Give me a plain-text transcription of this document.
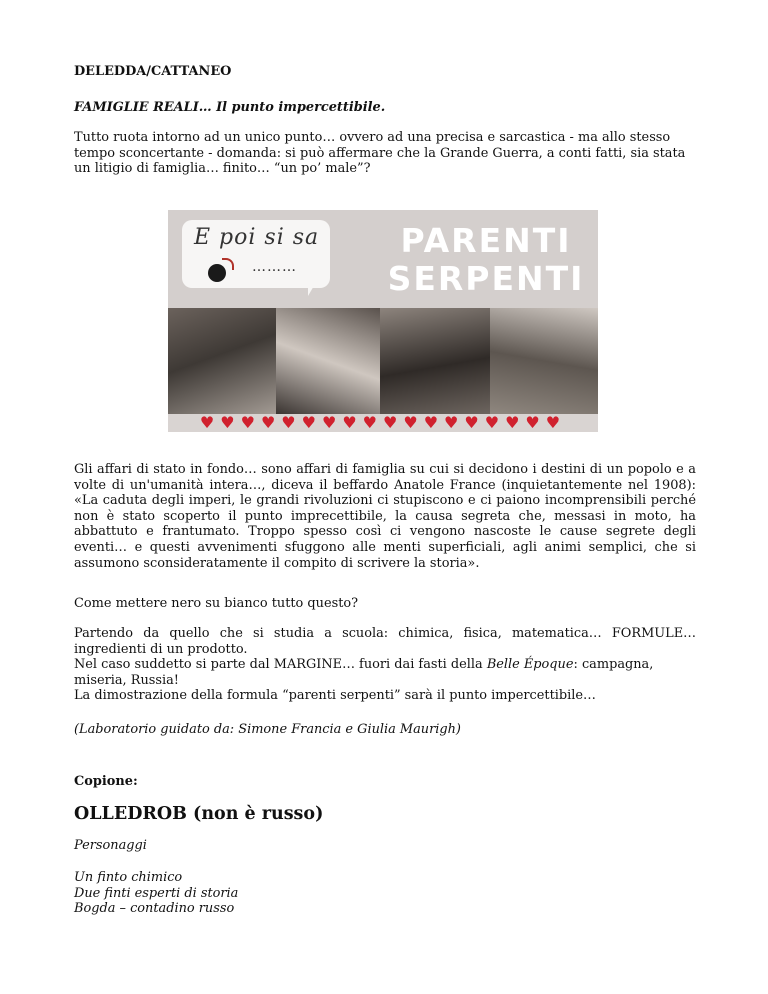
DELEDDA/CATTANEO

FAMIGLIE REALI… Il punto impercettibile.

Tutto ruota intorno ad un unico punto… ovvero ad una precisa e sarcastica - ma allo stesso tempo sconcertante - domanda: si può affermare che la Grande Guerra, a conti fatti, sia stata un litigio di famiglia… finito… “un po’ male”?

E poi si sa
………
PARENTI
SERPENTI
♥♥♥♥♥♥♥♥♥♥♥♥♥♥♥♥♥♥

Gli affari di stato in fondo… sono affari di famiglia su cui si decidono i destini di un popolo e a volte di un'umanità intera…, diceva il beffardo Anatole France (inquietantemente nel 1908): «La caduta degli imperi, le grandi rivoluzioni ci stupiscono e ci paiono incomprensibili perché non è stato scoperto il punto imprecettibile, la causa segreta che, messasi in moto, ha abbattuto e frantumato. Troppo spesso così ci vengono nascoste le cause segrete degli eventi… e questi avvenimenti sfuggono alle menti superficiali, agli animi semplici, che si assumono sconsideratamente il compito di scrivere la storia».

Come mettere nero su bianco tutto questo?

Partendo da quello che si studia a scuola: chimica, fisica, matematica… FORMULE… ingredienti di un prodotto.
Nel caso suddetto si parte dal MARGINE… fuori dai fasti della Belle Époque: campagna, miseria, Russia!
La dimostrazione della formula “parenti serpenti” sarà il punto impercettibile…

(Laboratorio guidato da: Simone Francia e Giulia Maurigh)

Copione:

OLLEDROB (non è russo)

Personaggi

Un finto chimico
Due finti esperti di storia
Bogda – contadino russo
